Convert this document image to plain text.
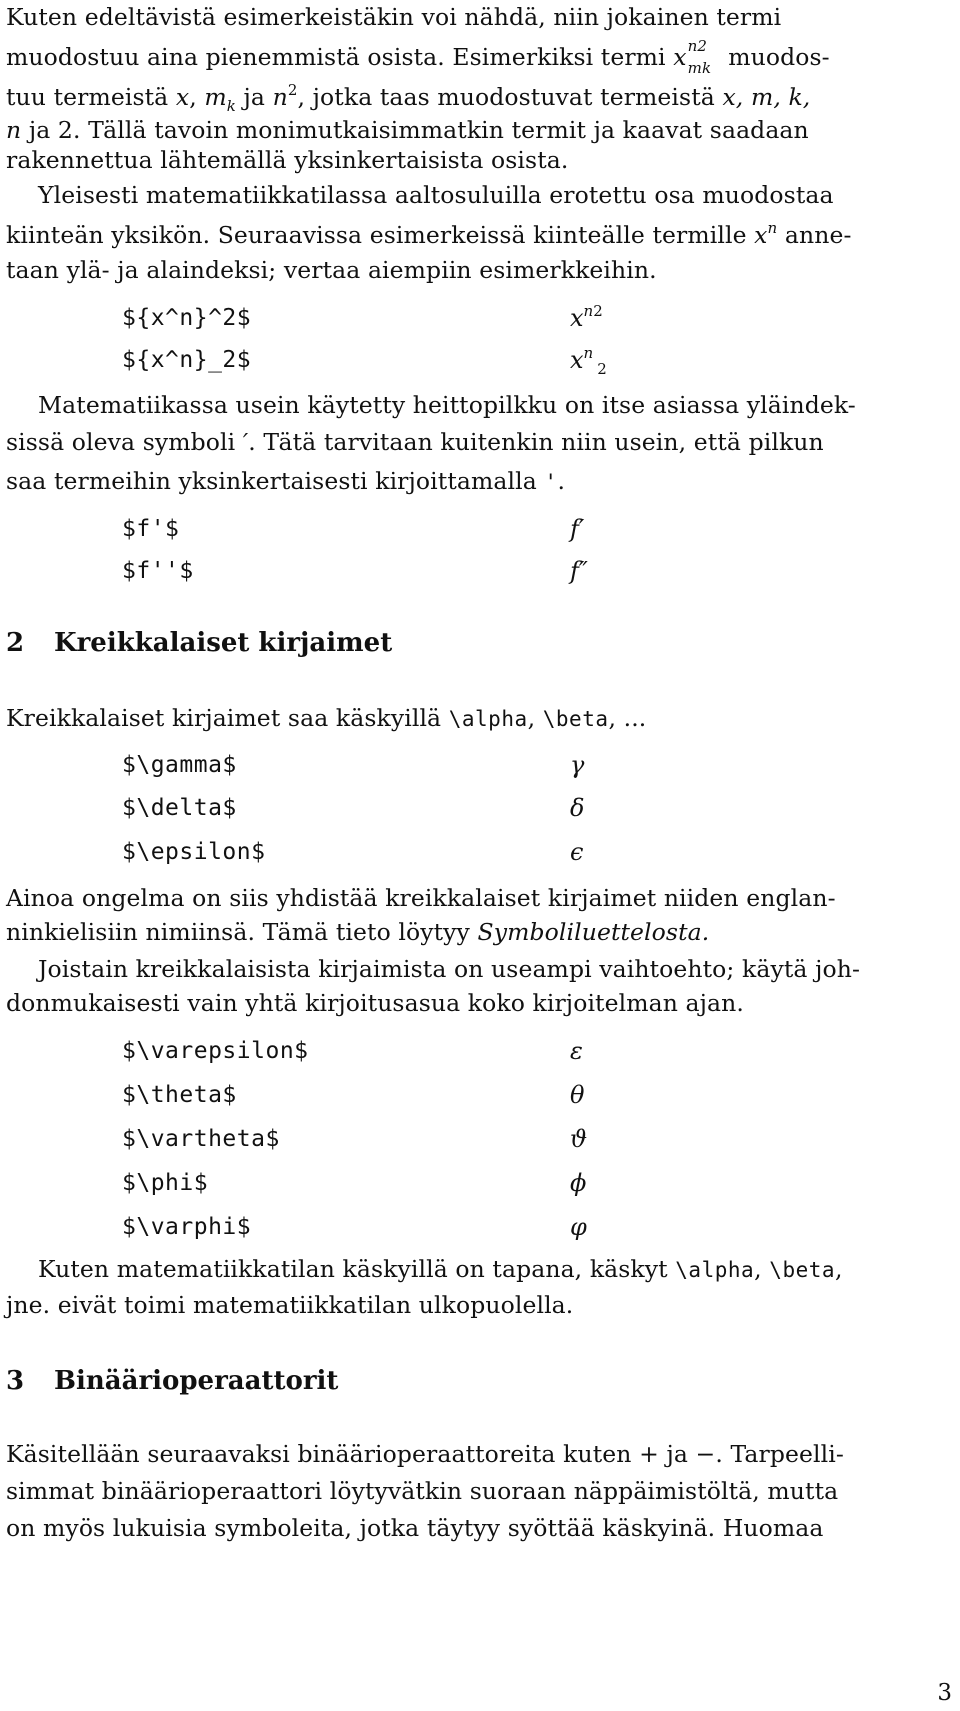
Kuten edeltävistä esimerkeistäkin voi nähdä, niin jokainen termi
muodostuu aina pienemmistä osista. Esimerkiksi termi x n2
mk muodos-
tuu termeistä x, $m_k$ ja $n^2$, jotka taas muodostuvat termeistä x, m, k,
n ja 2. Tällä tavoin monimutkaisimmatkin termit ja kaavat saadaan
rakennettua lähtemällä yksinkertaisista osista.
Yleisesti matematiikkatilassa aaltosuluilla erotettu osa muodostaa
kiinteän yksikön. Seuraavissa esimerkeissä kiinteälle termille $x^n$ anne-
taan ylä- ja alaindeksi; vertaa aiempiin esimerkkeihin.
${x^n}^2$	$x^{n2}$
${x^n}_2$	$x^n_2$
Matematiikassa usein käytetty heittopilkku on itse asiassa yläindek-
sissä oleva symboli ′. Tätä tarvitaan kuitenkin niin usein, että pilkun
saa termeihin yksinkertaisesti kirjoittamalla '.
$f'$	f′
$f''$	f″
2 Kreikkalaiset kirjaimet
Kreikkalaiset kirjaimet saa käskyillä \alpha, \beta, ...
$\gamma$	γ
$\delta$	δ
$\epsilon$	ϵ
Ainoa ongelma on siis yhdistää kreikkalaiset kirjaimet niiden englan-
ninkielisiin nimiinsä. Tämä tieto löytyy Symboliluettelosta.
Joistain kreikkalaisista kirjaimista on useampi vaihtoehto; käytä joh-
donmukaisesti vain yhtä kirjoitusasua koko kirjoitelman ajan.
$\varepsilon$	ε
$\theta$	θ
$\vartheta$	ϑ
$\phi$	ϕ
$\varphi$	φ
Kuten matematiikkatilan käskyillä on tapana, käskyt \alpha, \beta,
jne. eivät toimi matematiikkatilan ulkopuolella.
3 Binäärioperaattorit
Käsitellään seuraavaksi binäärioperaattoreita kuten + ja −. Tarpeelli-
simmat binäärioperaattori löytyvätkin suoraan näppäimistöltä, mutta
on myös lukuisia symboleita, jotka täytyy syöttää käskyinä. Huomaa
3
